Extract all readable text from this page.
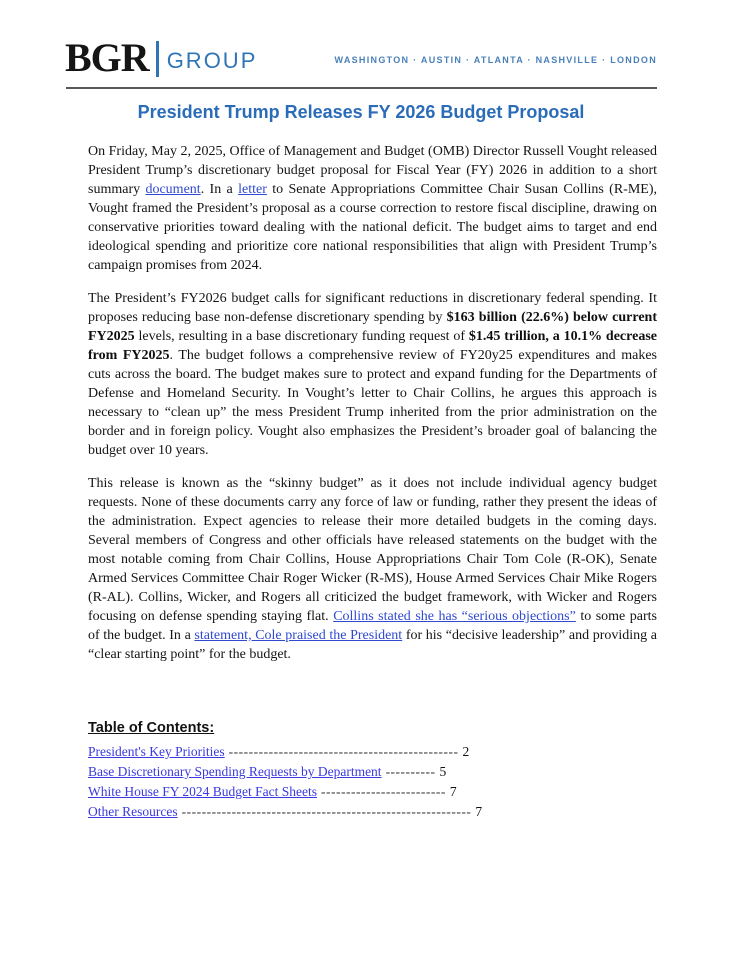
BGR GROUP	WASHINGTON · AUSTIN · ATLANTA · NASHVILLE · LONDON
President Trump Releases FY 2026 Budget Proposal

On Friday, May 2, 2025, Office of Management and Budget (OMB) Director Russell Vought released President Trump’s discretionary budget proposal for Fiscal Year (FY) 2026 in addition to a short summary document. In a letter to Senate Appropriations Committee Chair Susan Collins (R-ME), Vought framed the President’s proposal as a course correction to restore fiscal discipline, drawing on conservative priorities toward dealing with the national deficit. The budget aims to target and end ideological spending and prioritize core national responsibilities that align with President Trump’s campaign promises from 2024.

The President’s FY2026 budget calls for significant reductions in discretionary federal spending. It proposes reducing base non-defense discretionary spending by $163 billion (22.6%) below current FY2025 levels, resulting in a base discretionary funding request of $1.45 trillion, a 10.1% decrease from FY2025. The budget follows a comprehensive review of FY20y25 expenditures and makes cuts across the board. The budget makes sure to protect and expand funding for the Departments of Defense and Homeland Security. In Vought’s letter to Chair Collins, he argues this approach is necessary to “clean up” the mess President Trump inherited from the prior administration on the border and in foreign policy. Vought also emphasizes the President’s broader goal of balancing the budget over 10 years.

This release is known as the “skinny budget” as it does not include individual agency budget requests. None of these documents carry any force of law or funding, rather they present the ideas of the administration. Expect agencies to release their more detailed budgets in the coming days. Several members of Congress and other officials have released statements on the budget with the most notable coming from Chair Collins, House Appropriations Chair Tom Cole (R-OK), Senate Armed Services Committee Chair Roger Wicker (R-MS), House Armed Services Chair Mike Rogers (R-AL). Collins, Wicker, and Rogers all criticized the budget framework, with Wicker and Rogers focusing on defense spending staying flat. Collins stated she has “serious objections” to some parts of the budget. In a statement, Cole praised the President for his “decisive leadership” and providing a “clear starting point” for the budget.

Table of Contents:
President's Key Priorities ---------------------------------------------- 2
Base Discretionary Spending Requests by Department ---------- 5
White House FY 2024 Budget Fact Sheets ------------------------- 7
Other Resources ---------------------------------------------------------- 7
